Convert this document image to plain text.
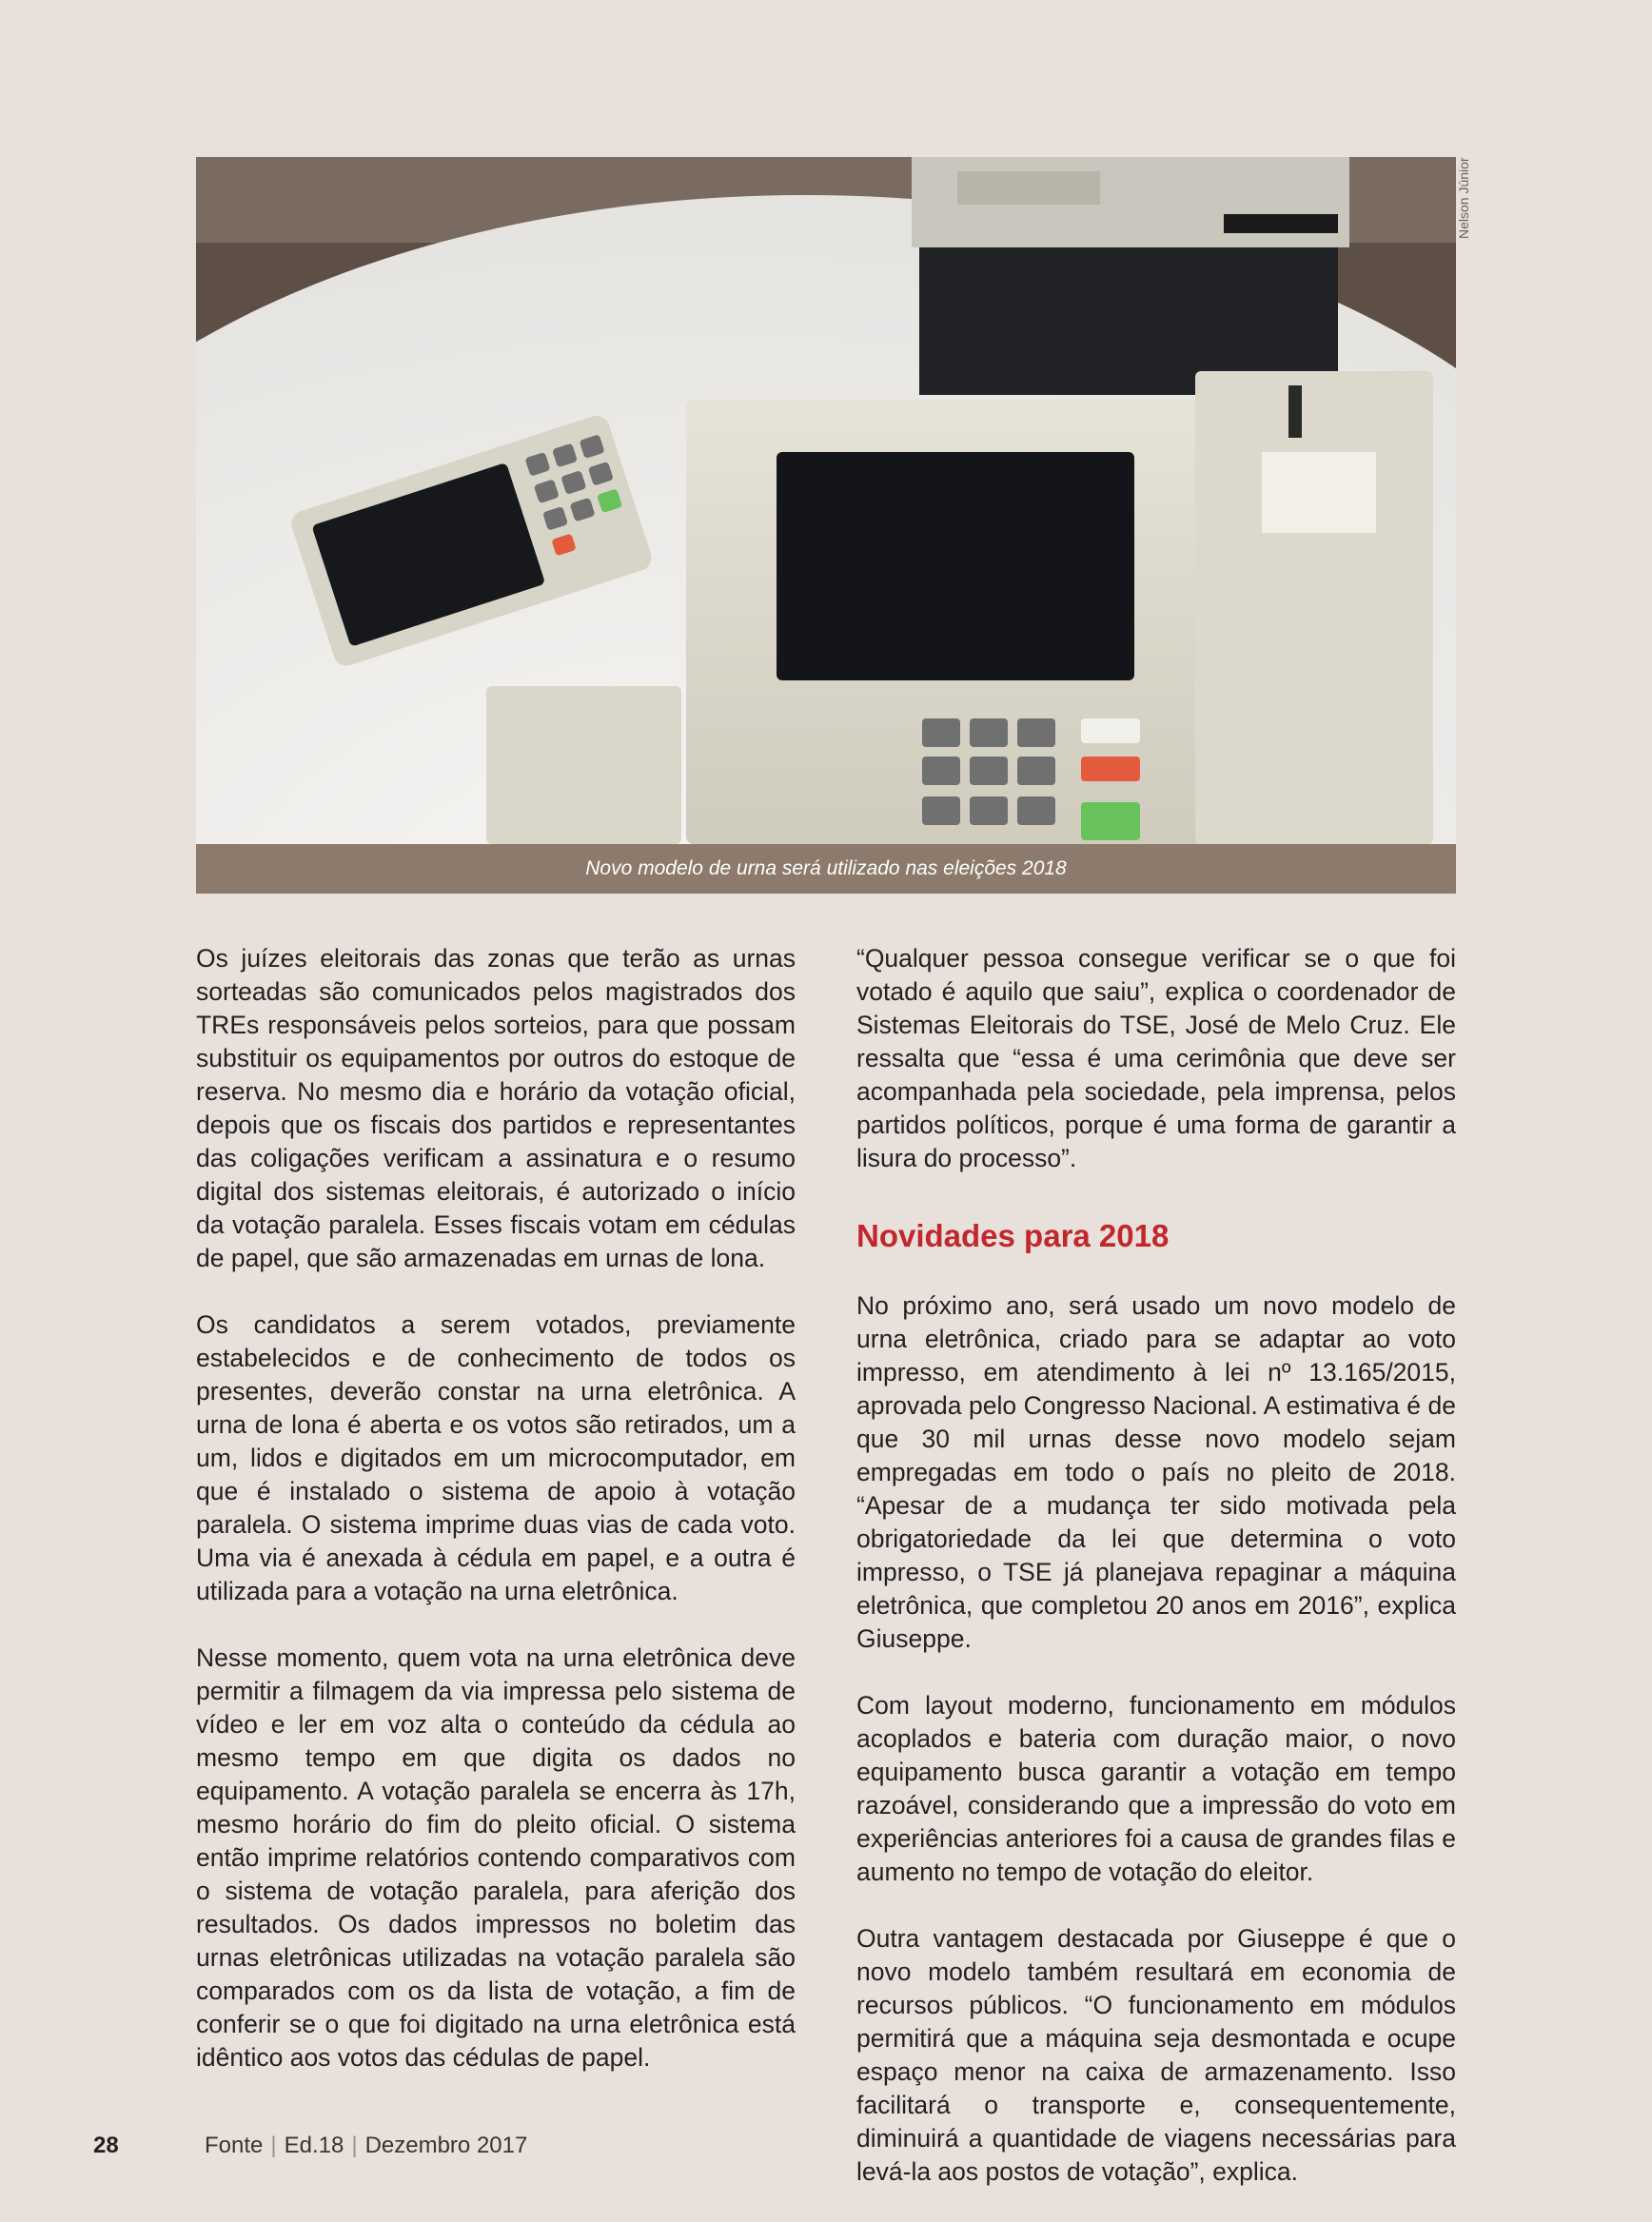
Nelson Júnior
Novo modelo de urna será utilizado nas eleições 2018

Os juízes eleitorais das zonas que terão as urnas sorteadas são comunicados pelos magistrados dos TREs responsáveis pelos sorteios, para que possam substituir os equipamentos por outros do estoque de reserva. No mesmo dia e horário da votação oficial, depois que os fiscais dos partidos e representantes das coligações verificam a assinatura e o resumo digital dos sistemas eleitorais, é autorizado o início da votação paralela. Esses fiscais votam em cédulas de papel, que são armazenadas em urnas de lona.

Os candidatos a serem votados, previamente estabelecidos e de conhecimento de todos os presentes, deverão constar na urna eletrônica. A urna de lona é aberta e os votos são retirados, um a um, lidos e digitados em um microcomputador, em que é instalado o sistema de apoio à votação paralela. O sistema imprime duas vias de cada voto. Uma via é anexada à cédula em papel, e a outra é utilizada para a votação na urna eletrônica.

Nesse momento, quem vota na urna eletrônica deve permitir a filmagem da via impressa pelo sistema de vídeo e ler em voz alta o conteúdo da cédula ao mesmo tempo em que digita os dados no equipamento. A votação paralela se encerra às 17h, mesmo horário do fim do pleito oficial. O sistema então imprime relatórios contendo comparativos com o sistema de votação paralela, para aferição dos resultados. Os dados impressos no boletim das urnas eletrônicas utilizadas na votação paralela são comparados com os da lista de votação, a fim de conferir se o que foi digitado na urna eletrônica está idêntico aos votos das cédulas de papel.

“Qualquer pessoa consegue verificar se o que foi votado é aquilo que saiu”, explica o coordenador de Sistemas Eleitorais do TSE, José de Melo Cruz. Ele ressalta que “essa é uma cerimônia que deve ser acompanhada pela sociedade, pela imprensa, pelos partidos políticos, porque é uma forma de garantir a lisura do processo”.

Novidades para 2018

No próximo ano, será usado um novo modelo de urna eletrônica, criado para se adaptar ao voto impresso, em atendimento à lei nº 13.165/2015, aprovada pelo Congresso Nacional. A estimativa é de que 30 mil urnas desse novo modelo sejam empregadas em todo o país no pleito de 2018. “Apesar de a mudança ter sido motivada pela obrigatoriedade da lei que determina o voto impresso, o TSE já planejava repaginar a máquina eletrônica, que completou 20 anos em 2016”, explica Giuseppe.

Com layout moderno, funcionamento em módulos acoplados e bateria com duração maior, o novo equipamento busca garantir a votação em tempo razoável, considerando que a impressão do voto em experiências anteriores foi a causa de grandes filas e aumento no tempo de votação do eleitor.

Outra vantagem destacada por Giuseppe é que o novo modelo também resultará em economia de recursos públicos. “O funcionamento em módulos permitirá que a máquina seja desmontada e ocupe espaço menor na caixa de armazenamento. Isso facilitará o transporte e, consequentemente, diminuirá a quantidade de viagens necessárias para levá-la aos postos de votação”, explica.

28	Fonte | Ed.18 | Dezembro 2017
